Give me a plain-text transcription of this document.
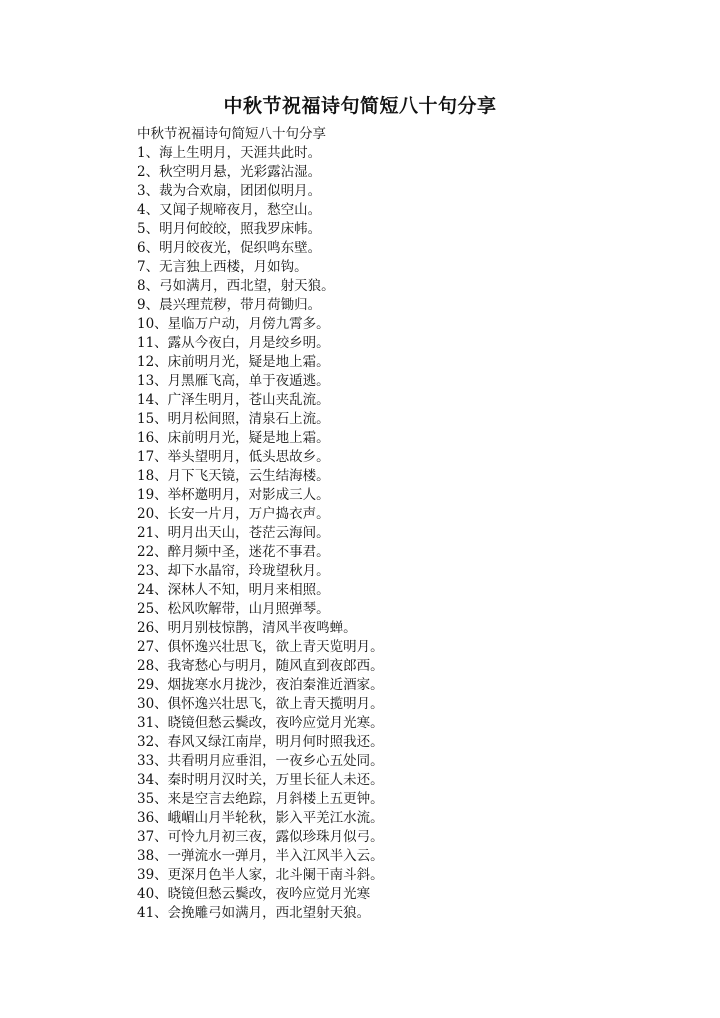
中秋节祝福诗句简短八十句分享
中秋节祝福诗句简短八十句分享
1、海上生明月，天涯共此时。
2、秋空明月悬，光彩露沾湿。
3、裁为合欢扇，团团似明月。
4、又闻子规啼夜月，愁空山。
5、明月何皎皎，照我罗床帏。
6、明月皎夜光，促织鸣东壁。
7、无言独上西楼，月如钩。
8、弓如满月，西北望，射天狼。
9、晨兴理荒秽，带月荷锄归。
10、星临万户动，月傍九霄多。
11、露从今夜白，月是绞乡明。
12、床前明月光，疑是地上霜。
13、月黑雁飞高，单于夜遁逃。
14、广泽生明月，苍山夹乱流。
15、明月松间照，清泉石上流。
16、床前明月光，疑是地上霜。
17、举头望明月，低头思故乡。
18、月下飞天镜，云生结海楼。
19、举杯邀明月，对影成三人。
20、长安一片月，万户捣衣声。
21、明月出天山，苍茫云海间。
22、醉月频中圣，迷花不事君。
23、却下水晶帘，玲珑望秋月。
24、深林人不知，明月来相照。
25、松风吹解带，山月照弹琴。
26、明月别枝惊鹊，清风半夜鸣蝉。
27、俱怀逸兴壮思飞，欲上青天览明月。
28、我寄愁心与明月，随风直到夜郎西。
29、烟拢寒水月拢沙，夜泊秦淮近酒家。
30、俱怀逸兴壮思飞，欲上青天揽明月。
31、晓镜但愁云鬓改，夜吟应觉月光寒。
32、春风又绿江南岸，明月何时照我还。
33、共看明月应垂泪，一夜乡心五处同。
34、秦时明月汉时关，万里长征人未还。
35、来是空言去绝踪，月斜楼上五更钟。
36、峨嵋山月半轮秋，影入平羌江水流。
37、可怜九月初三夜，露似珍珠月似弓。
38、一弹流水一弹月，半入江风半入云。
39、更深月色半人家，北斗阑干南斗斜。
40、晓镜但愁云鬓改，夜吟应觉月光寒
41、会挽雕弓如满月，西北望射天狼。
